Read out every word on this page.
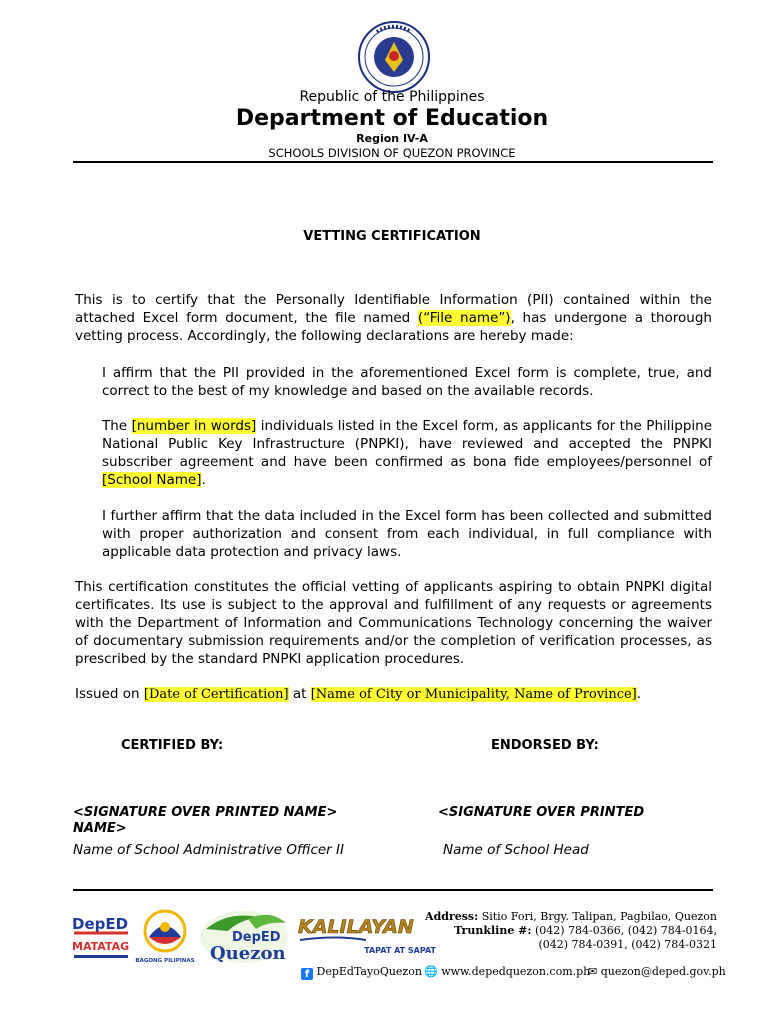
Republic of the Philippines
Department of Education
Region IV-A
SCHOOLS DIVISION OF QUEZON PROVINCE
VETTING CERTIFICATION
This is to certify that the Personally Identifiable Information (PII) contained within the attached Excel form document, the file named (“File name”), has undergone a thorough vetting process. Accordingly, the following declarations are hereby made:
I affirm that the PII provided in the aforementioned Excel form is complete, true, and correct to the best of my knowledge and based on the available records.
The [number in words] individuals listed in the Excel form, as applicants for the Philippine National Public Key Infrastructure (PNPKI), have reviewed and accepted the PNPKI subscriber agreement and have been confirmed as bona fide employees/personnel of [School Name].
I further affirm that the data included in the Excel form has been collected and submitted with proper authorization and consent from each individual, in full compliance with applicable data protection and privacy laws.
This certification constitutes the official vetting of applicants aspiring to obtain PNPKI digital certificates. Its use is subject to the approval and fulfillment of any requests or agreements with the Department of Information and Communications Technology concerning the waiver of documentary submission requirements and/or the completion of verification processes, as prescribed by the standard PNPKI application procedures.
Issued on [Date of Certification] at [Name of City or Municipality, Name of Province].
CERTIFIED BY:	ENDORSED BY:
<SIGNATURE OVER PRINTED NAME>
NAME>
<SIGNATURE OVER PRINTED
Name of School Administrative Officer II	Name of School Head
DepED
MATATAG
BAGONG PILIPINAS
DepED
Quezon
KALILAYAN
TAPAT AT SAPAT
Address: Sitio Fori, Brgy. Talipan, Pagbilao, Quezon
Trunkline #: (042) 784-0366, (042) 784-0164,
(042) 784-0391, (042) 784-0321
f DepEdTayoQuezon 🌐 www.depedquezon.com.ph
✉ quezon@deped.gov.ph
